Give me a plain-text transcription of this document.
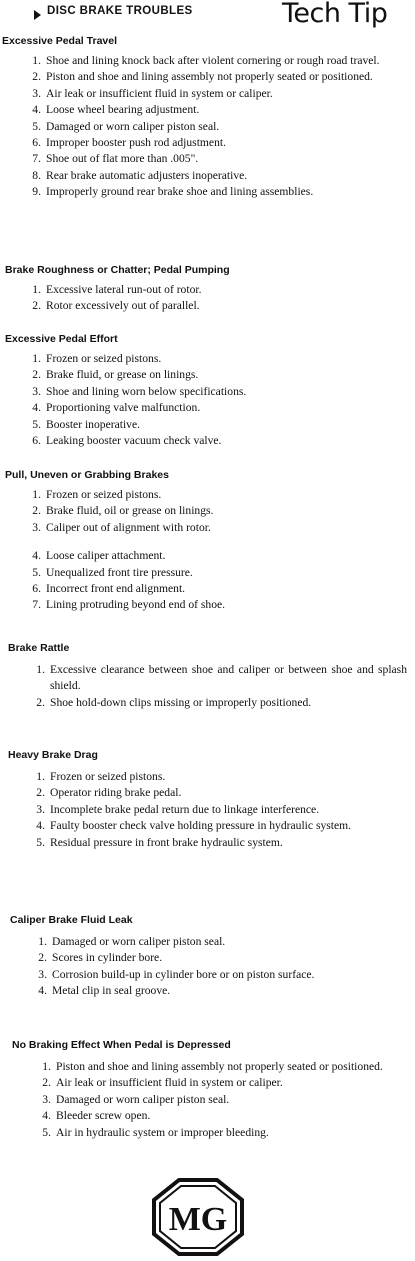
DISC BRAKE TROUBLES	Tech Tip
Excessive Pedal Travel
1. Shoe and lining knock back after violent cornering or rough road travel.
2. Piston and shoe and lining assembly not properly seated or positioned.
3. Air leak or insufficient fluid in system or caliper.
4. Loose wheel bearing adjustment.
5. Damaged or worn caliper piston seal.
6. Improper booster push rod adjustment.
7. Shoe out of flat more than .005".
8. Rear brake automatic adjusters inoperative.
9. Improperly ground rear brake shoe and lining assemblies.
Brake Roughness or Chatter; Pedal Pumping
1. Excessive lateral run-out of rotor.
2. Rotor excessively out of parallel.
Excessive Pedal Effort
1. Frozen or seized pistons.
2. Brake fluid, or grease on linings.
3. Shoe and lining worn below specifications.
4. Proportioning valve malfunction.
5. Booster inoperative.
6. Leaking booster vacuum check valve.
Pull, Uneven or Grabbing Brakes
1. Frozen or seized pistons.
2. Brake fluid, oil or grease on linings.
3. Caliper out of alignment with rotor.
4. Loose caliper attachment.
5. Unequalized front tire pressure.
6. Incorrect front end alignment.
7. Lining protruding beyond end of shoe.
Brake Rattle
1. Excessive clearance between shoe and caliper or between shoe and splash shield.
2. Shoe hold-down clips missing or improperly positioned.
Heavy Brake Drag
1. Frozen or seized pistons.
2. Operator riding brake pedal.
3. Incomplete brake pedal return due to linkage interference.
4. Faulty booster check valve holding pressure in hydraulic system.
5. Residual pressure in front brake hydraulic system.
Caliper Brake Fluid Leak
1. Damaged or worn caliper piston seal.
2. Scores in cylinder bore.
3. Corrosion build-up in cylinder bore or on piston surface.
4. Metal clip in seal groove.
No Braking Effect When Pedal is Depressed
1. Piston and shoe and lining assembly not properly seated or positioned.
2. Air leak or insufficient fluid in system or caliper.
3. Damaged or worn caliper piston seal.
4. Bleeder screw open.
5. Air in hydraulic system or improper bleeding.
MG
